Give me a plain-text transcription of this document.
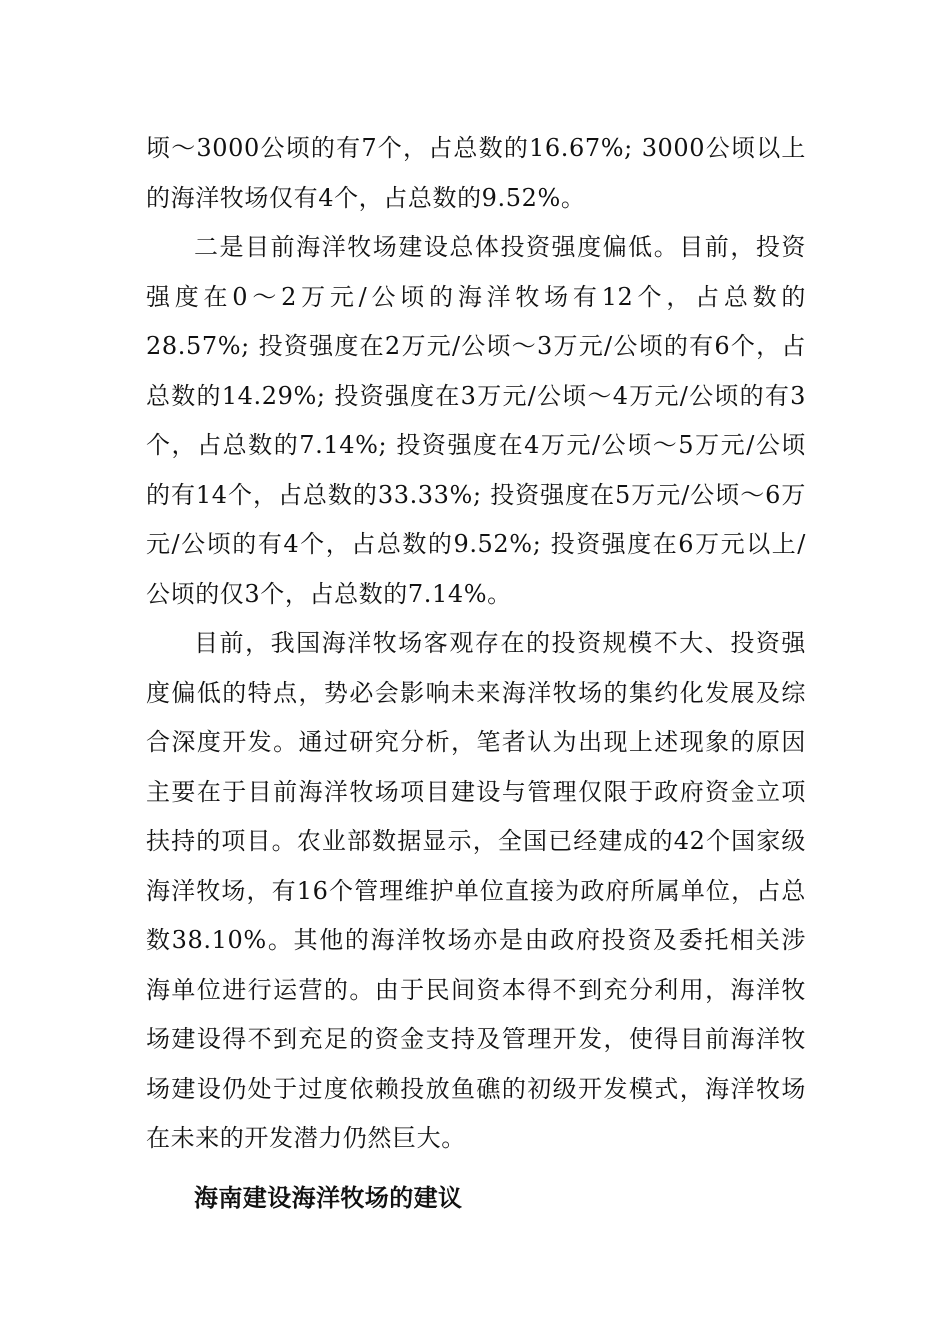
顷～3000公顷的有7个，占总数的16.67%; 3000公顷以上的海洋牧场仅有4个，占总数的9.52%。

二是目前海洋牧场建设总体投资强度偏低。目前，投资强度在0～2万元/公顷的海洋牧场有12个，占总数的28.57%; 投资强度在2万元/公顷～3万元/公顷的有6个，占总数的14.29%; 投资强度在3万元/公顷～4万元/公顷的有3个，占总数的7.14%; 投资强度在4万元/公顷～5万元/公顷的有14个，占总数的33.33%; 投资强度在5万元/公顷～6万元/公顷的有4个，占总数的9.52%; 投资强度在6万元以上/公顷的仅3个，占总数的7.14%。

目前，我国海洋牧场客观存在的投资规模不大、投资强度偏低的特点，势必会影响未来海洋牧场的集约化发展及综合深度开发。通过研究分析，笔者认为出现上述现象的原因主要在于目前海洋牧场项目建设与管理仅限于政府资金立项扶持的项目。农业部数据显示，全国已经建成的42个国家级海洋牧场，有16个管理维护单位直接为政府所属单位，占总数38.10%。其他的海洋牧场亦是由政府投资及委托相关涉海单位进行运营的。由于民间资本得不到充分利用，海洋牧场建设得不到充足的资金支持及管理开发，使得目前海洋牧场建设仍处于过度依赖投放鱼礁的初级开发模式，海洋牧场在未来的开发潜力仍然巨大。

海南建设海洋牧场的建议
